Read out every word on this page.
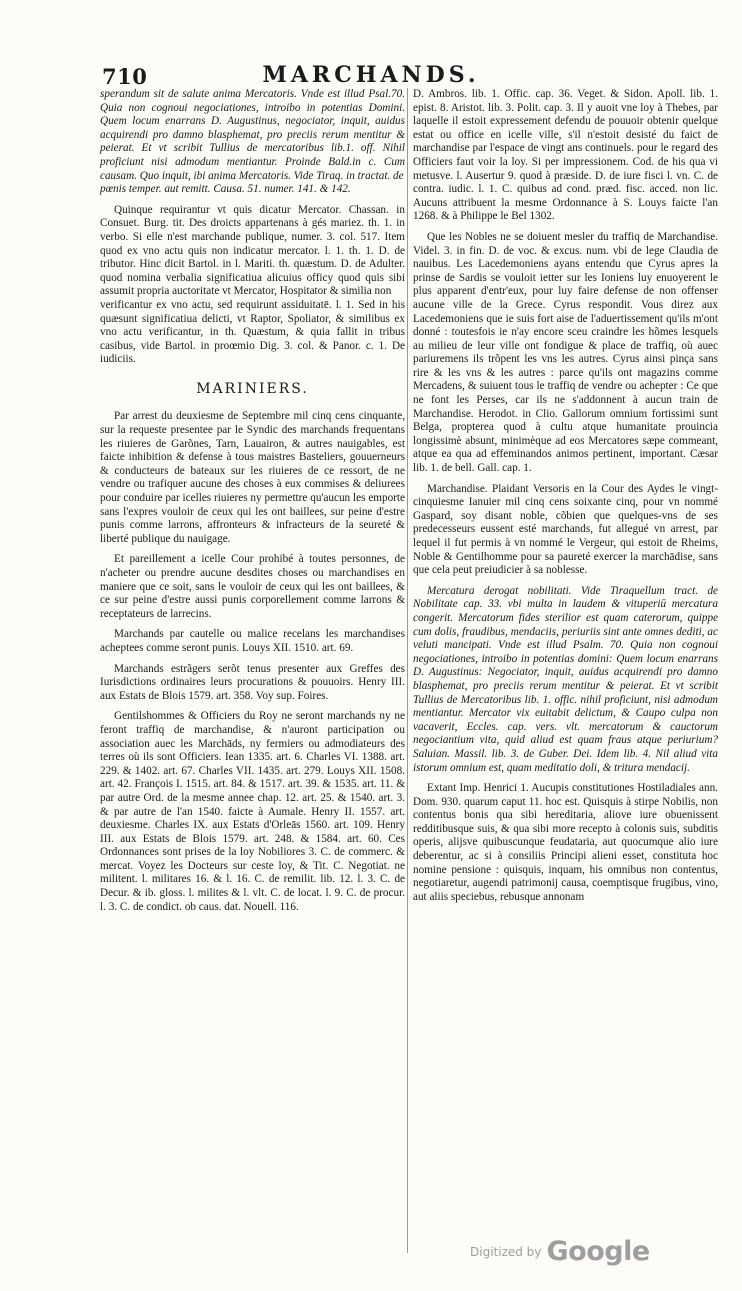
710	MARCHANDS.

sperandum sit de salute anima Mercatoris. Vnde est illud Psal.70. Quia non cognoui negociationes, introibo in potentias Domini. Quem locum enarrans D. Augustinus, negociator, inquit, auidus acquirendi pro damno blasphemat, pro preciis rerum mentitur & peierat. Et vt scribit Tullius de mercatoribus lib.1. off. Nihil proficiunt nisi admodum mentiantur. Proinde Bald.in c. Cum causam. Quo inquit, ibi anima Mercatoris. Vide Tiraq. in tractat. de

pœnis temper. aut remitt. Causa. 51. numer. 141. & 142.

Quinque requirantur vt quis dicatur Mercator. Chassan. in Consuet. Burg. tit. Des droicts appartenans à gés mariez. th. 1. in verbo. Si elle n'est marchande publique, numer. 3. col. 517. Item quod ex vno actu quis non indicatur mercator. l. 1. th. 1. D. de tributor. Hinc dicit Bartol. in l. Mariti. th. quæstum. D. de Adulter. quod nomina verbalia significatiua alicuius officy quod quis sibi assumit propria auctoritate vt Mercator, Hospitator & similia non

verificantur ex vno actu, sed requirunt assiduitatē. l. 1. Sed in his quæsunt significatiua delicti, vt Raptor, Spoliator, & similibus ex vno actu verificantur, in th. Quæstum, & quia fallit in tribus casibus, vide Bartol. in proœmio Dig. 3. col. & Panor. c. 1. De iudiciis.

MARINIERS.

Par arrest du deuxiesme de Septembre mil cinq cens cinquante, sur la requeste presentee par le Syndic des marchands frequentans les riuieres de Garõnes, Tarn, Lauairon, & autres nauigables, est faicte inhibition & defense à tous maistres Basteliers, gouuerneurs & conducteurs de bateaux sur les riuieres de ce ressort, de ne vendre ou trafiquer aucune des choses à eux commises & deliurees pour conduire par icelles riuieres ny permettre qu'aucun les emporte sans l'expres vouloir de ceux qui les ont baillees, sur peine d'estre punis comme larrons, affronteurs & infracteurs de la seureté & liberté publique du nauigage.

Et pareillement a icelle Cour prohibé à toutes personnes, de n'acheter ou prendre aucune desdites choses ou marchandises en maniere que ce soit, sans le vouloir de ceux qui les ont baillees, & ce sur peine d'estre aussi punis corporellement comme larrons & receptateurs de larrecins.

Marchands par cautelle ou malice recelans les marchandises acheptees comme seront punis. Louys XII. 1510. art. 69.

Marchands estrãgers serõt tenus presenter aux Greffes des Iurisdictions ordinaires leurs procurations & pouuoirs. Henry III. aux Estats de Blois 1579. art. 358. Voy sup. Foires.

Gentilshommes & Officiers du Roy ne seront marchands ny ne feront traffiq de marchandise, & n'auront participation ou association auec les Marchāds, ny fermiers ou admodiateurs des terres où ils sont Officiers. Iean 1335. art. 6. Charles VI. 1388. art. 229. & 1402. art. 67. Charles VII. 1435. art. 279. Louys XII. 1508. art. 42. François I. 1515. art. 84. & 1517. art. 39. & 1535. art. 11. & par autre Ord. de la mesme annee chap. 12. art. 25. & 1540. art. 3. & par autre de l'an 1540. faicte à Aumale. Henry II. 1557. art. deuxiesme. Charles IX. aux Estats d'Orleās 1560. art. 109. Henry III. aux Estats de Blois 1579. art. 248. & 1584. art. 60. Ces Ordonnances sont prises de la loy Nobiliores 3. C. de commerc. & mercat. Voyez les Docteurs sur ceste loy, & Tit. C. Negotiat. ne militent. l. militares 16. & l. 16. C. de remilit. lib. 12. l. 3. C. de Decur. & ib. gloss. l. milites & l. vlt. C. de locat. l. 9. C. de procur. l. 3. C. de condict. ob caus. dat. Nouell. 116.

D. Ambros. lib. 1. Offic. cap. 36. Veget. & Sidon. Apoll. lib. 1. epist. 8. Aristot. lib. 3. Polit. cap. 3. Il y auoit vne loy à Thebes, par laquelle il estoit expressement defendu de pouuoir obtenir quelque estat ou office en icelle ville, s'il n'estoit desisté du faict de marchandise par l'espace de vingt ans continuels. pour le regard des Officiers faut voir la loy. Si per impressionem. Cod. de his qua vi metusve. l. Ausertur 9. quod à præside. D. de iure fisci l. vn. C. de contra. iudic. l. 1. C. quibus ad cond. præd. fisc. acced. non lic. Aucuns attribuent la mesme Ordonnance à S. Louys faicte l'an 1268. & à Philippe le Bel 1302.

Que les Nobles ne se doiuent mesler du traffiq de Marchandise. Videl. 3. in fin. D. de voc. & excus. num. vbi de lege Claudia de nauibus. Les Lacedemoniens ayans entendu que Cyrus apres la prinse de Sardis se vouloit ietter sur les Ioniens luy enuoyerent le plus apparent d'entr'eux, pour luy faire defense de non offenser aucune ville de la Grece. Cyrus respondit. Vous direz aux Lacedemoniens que ie suis fort aise de l'aduertissement qu'ils m'ont donné : toutesfois ie n'ay encore sceu craindre les hõmes lesquels au milieu de leur ville ont fondigue & place de traffiq, où auec pariuremens ils trõpent les vns les autres. Cyrus ainsi pinça sans rire & les vns & les autres : parce qu'ils ont magazins comme Mercadens, & suiuent tous le traffiq de vendre ou achepter : Ce que ne font les Perses, car ils ne s'addonnent à aucun train de Marchandise. Herodot. in Clio. Gallorum omnium fortissimi sunt Belga, propterea quod à cultu atque humanitate prouincia longissimè absunt, minimèque ad eos Mercatores sæpe commeant, atque ea qua ad effeminandos animos pertinent, important. Cæsar lib. 1. de bell. Gall. cap. 1.

Marchandise. Plaidant Versoris en la Cour des Aydes le vingt-cinquiesme Ianuier mil cinq cens soixante cinq, pour vn nommé Gaspard, soy disant noble, cõbien que quelques-vns de ses predecesseurs eussent esté marchands, fut allegué vn arrest, par lequel il fut permis à vn nommé le Vergeur, qui estoit de Rheims, Noble & Gentilhomme pour sa paureté exercer la marchādise, sans que cela peut preiudicier à sa noblesse.

Mercatura derogat nobilitati. Vide Tiraquellum tract. de Nobilitate cap. 33. vbi multa in laudem & vituperiū mercatura congerit. Mercatorum fides sterilior est quam caterorum, quippe cum dolis, fraudibus, mendaciis, periuriis sint ante omnes dediti, ac veluti mancipati. Vnde est illud Psalm. 70. Quia non cognoui negociationes, introibo in potentias domini: Quem locum enarrans D. Augustinus: Negociator, inquit, auidus acquirendi pro damno blasphemat, pro preciis rerum mentitur & peierat. Et vt scribit Tullius de Mercatoribus lib. 1. offic. nihil proficiunt, nisi admodum mentiantur. Mercator vix euitabit delictum, & Caupo culpa non vacaverit, Eccles. cap. vers. vlt. mercatorum & cauctorum negociantium vita, quid aliud est quam fraus atque periurium? Saluian. Massil. lib. 3. de Guber. Dei. Idem lib. 4. Nil aliud vita istorum omnium est, quam meditatio doli, & tritura mendacij.

Extant Imp. Henrici 1. Aucupis constitutiones Hostiladiales ann. Dom. 930. quarum caput 11. hoc est. Quisquis à stirpe Nobilis, non contentus bonis qua sibi hereditaria, aliove iure obuenissent redditibusque suis, & qua sibi more recepto à colonis suis, subditis operis, alijsve quibuscunque feudataria, aut quocumque alio iure deberentur, ac si à consiliis Principi alieni esset, constituta hoc nomine pensione : quisquis, inquam, his omnibus non contentus, negotiaretur, augendi patrimonij causa, coemptisque frugibus, vino, aut aliis speciebus, rebusque annonam

$^{Digitized by}$ Google
